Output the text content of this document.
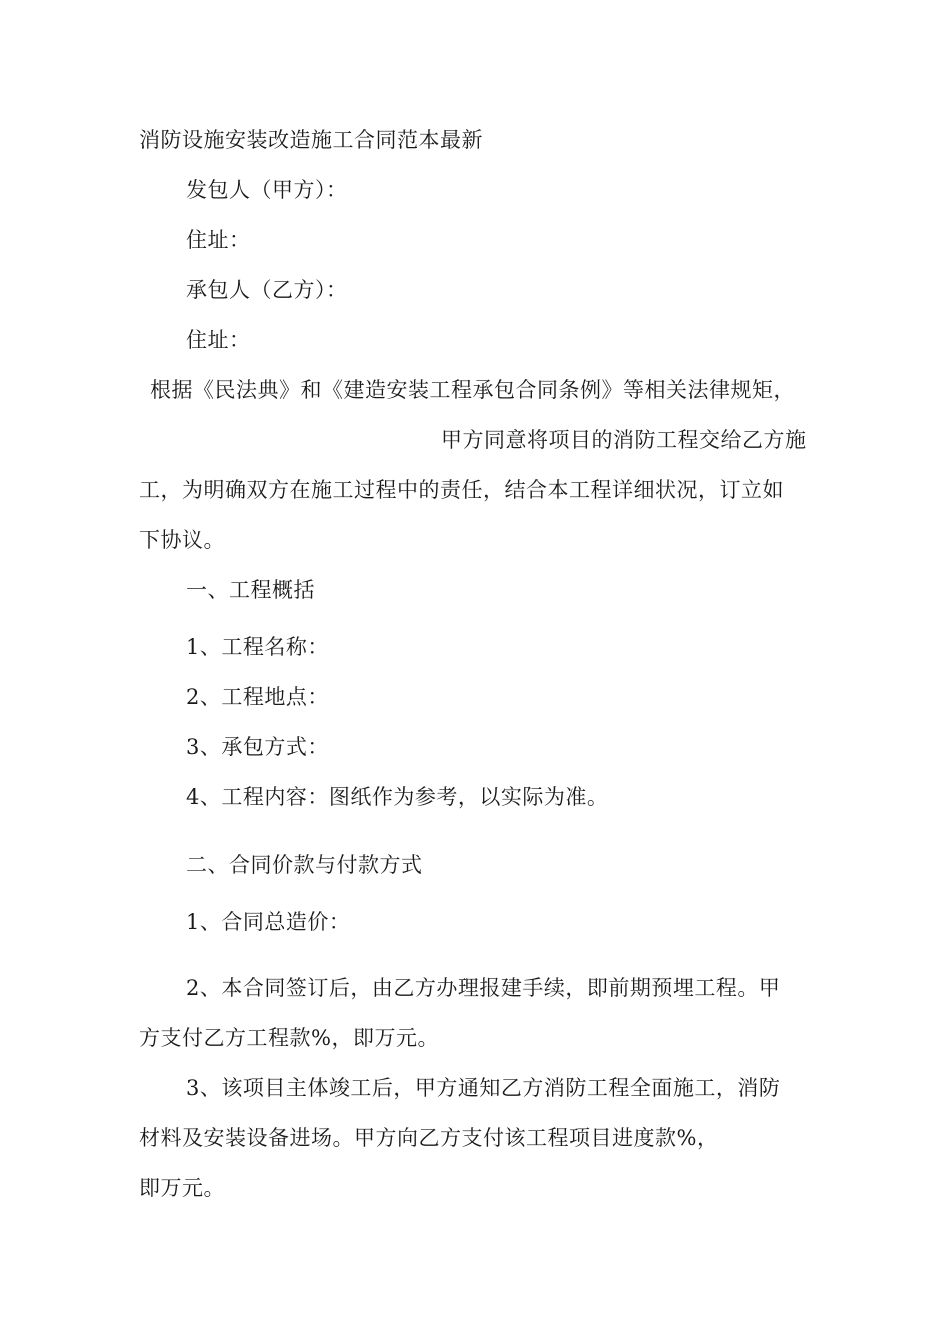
消防设施安装改造施工合同范本最新
发包人（甲方）：
住址：
承包人（乙方）：
住址：
根据《民法典》和《建造安装工程承包合同条例》等相关法律规矩，
甲方同意将项目的消防工程交给乙方施
工，为明确双方在施工过程中的责任，结合本工程详细状况，订立如
下协议。
一、工程概括
1、工程名称：
2、工程地点：
3、承包方式：
4、工程内容：图纸作为参考，以实际为准。
二、合同价款与付款方式
1、合同总造价：
2、本合同签订后，由乙方办理报建手续，即前期预埋工程。甲
方支付乙方工程款%，即万元。
3、该项目主体竣工后，甲方通知乙方消防工程全面施工，消防
材料及安装设备进场。甲方向乙方支付该工程项目进度款%，
即万元。
